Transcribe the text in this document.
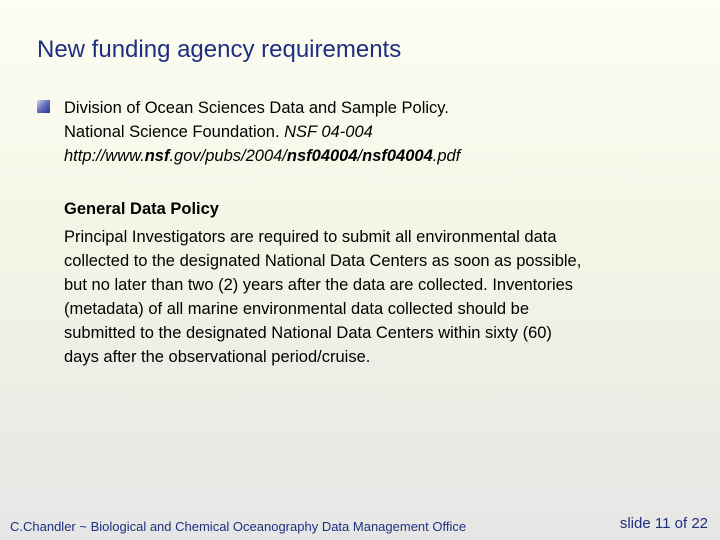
New funding agency requirements
Division of Ocean Sciences Data and Sample Policy.
National Science Foundation. NSF 04-004
http://www.nsf.gov/pubs/2004/nsf04004/nsf04004.pdf
General Data Policy
Principal Investigators are required to submit all environmental data
collected to the designated National Data Centers as soon as possible,
but no later than two (2) years after the data are collected. Inventories
(metadata) of all marine environmental data collected should be
submitted to the designated National Data Centers within sixty (60)
days after the observational period/cruise.
C.Chandler ~ Biological and Chemical Oceanography Data Management Office	slide 11 of 22
